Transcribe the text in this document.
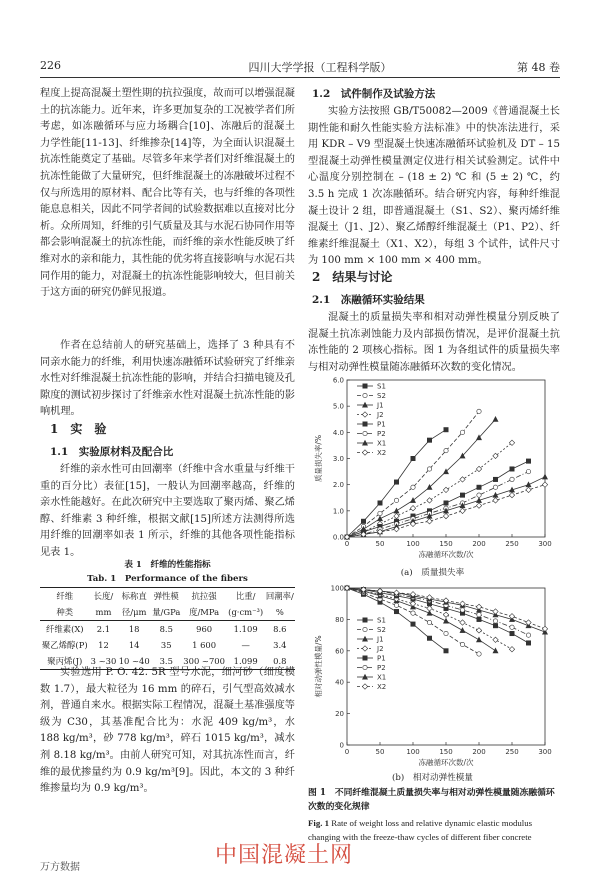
226	四川大学学报（工程科学版）	第 48 卷

程度上提高混凝土塑性期的抗拉强度，故而可以增强混凝土的抗冻能力。近年来，许多更加复杂的工况被学者们所考虑，如冻融循环与应力场耦合[10]、冻融后的混凝土力学性能[11-13]、纤维掺杂[14]等，为全面认识混凝土抗冻性能奠定了基础。尽管多年来学者们对纤维混凝土的抗冻性能做了大量研究，但纤维混凝土的冻融破坏过程不仅与所选用的原材料、配合比等有关，也与纤维的各项性能息息相关，因此不同学者间的试验数据难以直接对比分析。众所周知，纤维的引气质量及其与水泥石协同作用等都会影响混凝土的抗冻性能，而纤维的亲水性能反映了纤维对水的亲和能力，其性能的优劣将直接影响与水泥石共同作用的能力，对混凝土的抗冻性能影响较大，但目前关于这方面的研究仍鲜见报道。

作者在总结前人的研究基础上，选择了 3 种具有不同亲水能力的纤维，利用快速冻融循环试验研究了纤维亲水性对纤维混凝土抗冻性能的影响，并结合扫描电镜及孔隙度的测试初步探讨了纤维亲水性对混凝土抗冻性能的影响机理。

1　实　验
1.1　实验原材料及配合比

纤维的亲水性可由回潮率（纤维中含水重量与纤维干重的百分比）表征[15]，一般认为回潮率越高，纤维的亲水性能越好。在此次研究中主要选取了聚丙烯、聚乙烯醇、纤维素 3 种纤维，根据文献[15]所述方法测得所选用纤维的回潮率如表 1 所示，纤维的其他各项性能指标见表 1。

表 1　纤维的性能指标
Tab. 1　Performance of the fibers
纤维	长度/	标称直	弹性模	抗拉强	比重/	回潮率/
种类	mm	径/μm	量/GPa	度/MPa	(g·cm⁻³)	%
纤维素(X)	2.1	18	8.5	960	1.109	8.6
聚乙烯醇(P)	12	14	35	1 600	—	3.4
聚丙烯(J)	3 ~30	10 ~40	3.5	300 ~700	1.099	0.8

实验选用 P. O. 42. 5R 型号水泥，细河砂（细度模数 1.7），最大粒径为 16 mm 的碎石，引气型高效减水剂，普通自来水。根据实际工程情况，混凝土基准强度等级为 C30，其基准配合比为：水泥 409 kg/m³，水 188 kg/m³，砂 778 kg/m³，碎石 1015 kg/m³，减水剂 8.18 kg/m³。由前人研究可知，对其抗冻性而言，纤维的最优掺量约为 0.9 kg/m³[9]。因此，本文的 3 种纤维掺量均为 0.9 kg/m³。

1.2　试件制作及试验方法

实验方法按照 GB/T50082—2009《普通混凝土长期性能和耐久性能实验方法标准》中的快冻法进行，采用 KDR – V9 型混凝土快速冻融循环试验机及 DT – 15 型混凝土动弹性模量测定仪进行相关试验测定。试件中心温度分别控制在 – (18 ± 2) ℃ 和 (5 ± 2) ℃，约 3.5 h 完成 1 次冻融循环。结合研究内容，每种纤维混凝土设计 2 组，即普通混凝土（S1、S2）、聚丙烯纤维混凝土（J1、J2）、聚乙烯醇纤维混凝土（P1、P2）、纤维素纤维混凝土（X1、X2），每组 3 个试件，试件尺寸为 100 mm × 100 mm × 400 mm。

2　结果与讨论
2.1　冻融循环实验结果

混凝土的质量损失率和相对动弹性模量分别反映了混凝土抗冻剥蚀能力及内部损伤情况，是评价混凝土抗冻性能的 2 项核心指标。图 1 为各组试件的质量损失率与相对动弹性模量随冻融循环次数的变化情况。

0	50	100	150	200	250	300
0.0
1.0
2.0
3.0
4.0
5.0
6.0
冻融循环次数/次
质量损失率/%
S1
S2
J1
J2
P1
P2
X1
X2
(a)　质量损失率
0	50	100	150	200	250	300
0
20
40
60
80
100
冻融循环次数/次
相对动弹性模量/%
S1
S2
J1
J2
P1
P2
X1
X2
(b)　相对动弹性模量
图 1　不同纤维混凝土质量损失率与相对动弹性模量随冻融循环次数的变化规律
Fig. 1 Rate of weight loss and relative dynamic elastic modulus changing with the freeze-thaw cycles of different fiber concrete
中国混凝土网
万方数据
